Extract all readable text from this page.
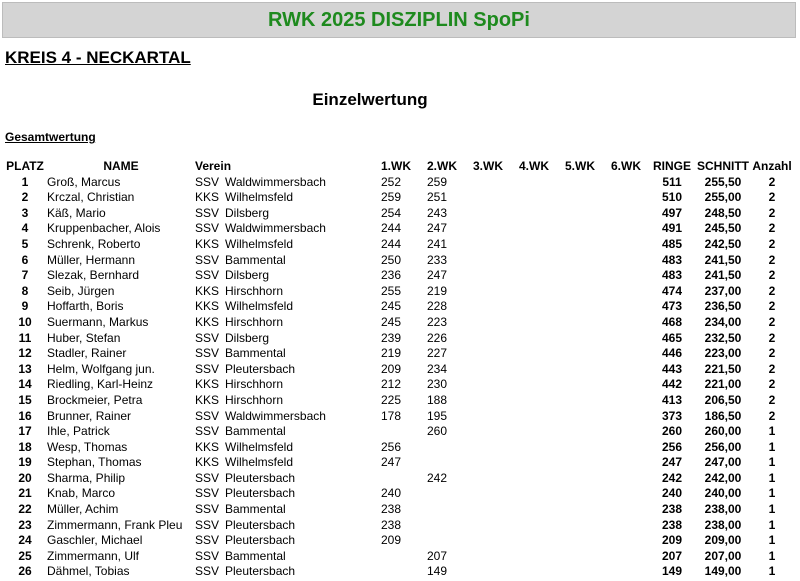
RWK 2025 DISZIPLIN SpoPi
KREIS 4 - NECKARTAL
Einzelwertung
Gesamtwertung
PLATZ	NAME	Verein		1.WK	2.WK	3.WK	4.WK	5.WK	6.WK	RINGE	SCHNITT	Anzahl
1	Groß, Marcus	SSV	Waldwimmersbach	252	259					511	255,50	2
2	Krczal, Christian	KKS	Wilhelmsfeld	259	251					510	255,00	2
3	Käß, Mario	SSV	Dilsberg	254	243					497	248,50	2
4	Kruppenbacher, Alois	SSV	Waldwimmersbach	244	247					491	245,50	2
5	Schrenk, Roberto	KKS	Wilhelmsfeld	244	241					485	242,50	2
6	Müller, Hermann	SSV	Bammental	250	233					483	241,50	2
7	Slezak, Bernhard	SSV	Dilsberg	236	247					483	241,50	2
8	Seib, Jürgen	KKS	Hirschhorn	255	219					474	237,00	2
9	Hoffarth, Boris	KKS	Wilhelmsfeld	245	228					473	236,50	2
10	Suermann, Markus	KKS	Hirschhorn	245	223					468	234,00	2
11	Huber, Stefan	SSV	Dilsberg	239	226					465	232,50	2
12	Stadler, Rainer	SSV	Bammental	219	227					446	223,00	2
13	Helm, Wolfgang jun.	SSV	Pleutersbach	209	234					443	221,50	2
14	Riedling, Karl-Heinz	KKS	Hirschhorn	212	230					442	221,00	2
15	Brockmeier, Petra	KKS	Hirschhorn	225	188					413	206,50	2
16	Brunner, Rainer	SSV	Waldwimmersbach	178	195					373	186,50	2
17	Ihle, Patrick	SSV	Bammental		260					260	260,00	1
18	Wesp, Thomas	KKS	Wilhelmsfeld	256						256	256,00	1
19	Stephan, Thomas	KKS	Wilhelmsfeld	247						247	247,00	1
20	Sharma, Philip	SSV	Pleutersbach		242					242	242,00	1
21	Knab, Marco	SSV	Pleutersbach	240						240	240,00	1
22	Müller, Achim	SSV	Bammental	238						238	238,00	1
23	Zimmermann, Frank Pleu	SSV	Pleutersbach	238						238	238,00	1
24	Gaschler, Michael	SSV	Pleutersbach	209						209	209,00	1
25	Zimmermann, Ulf	SSV	Bammental		207					207	207,00	1
26	Dähmel, Tobias	SSV	Pleutersbach		149					149	149,00	1
